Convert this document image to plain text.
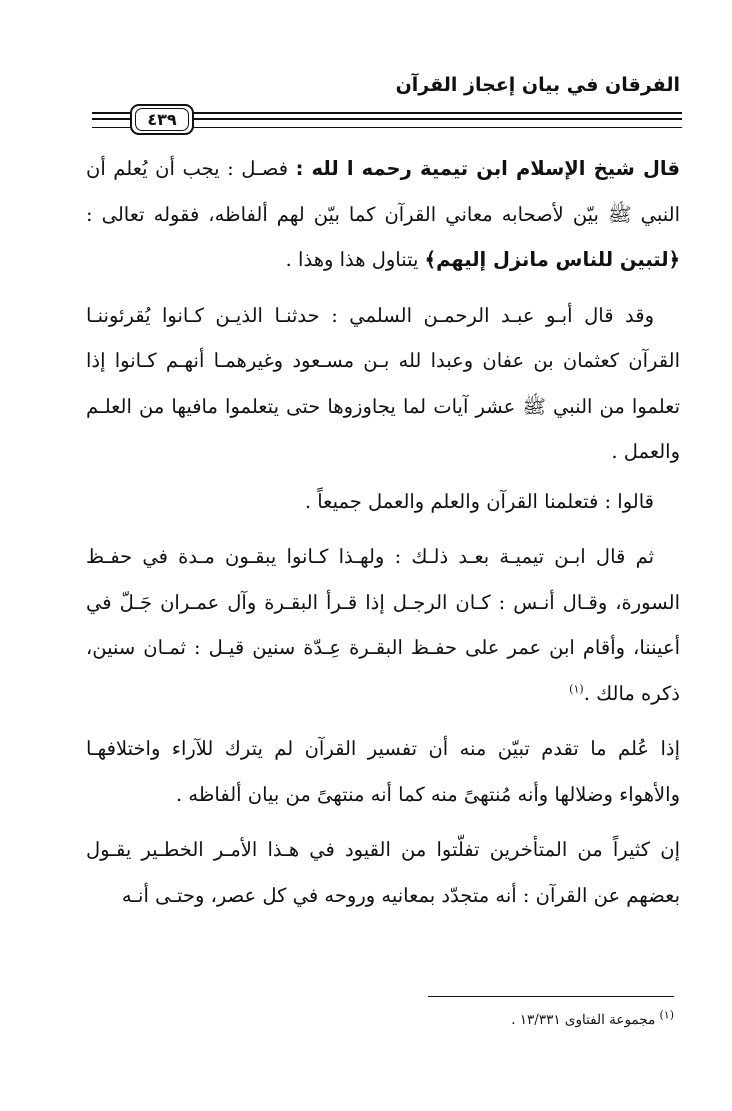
الفرقان في بيان إعجاز القرآن
٤٣٩

قال شيخ الإسلام ابن تيمية رحمه ا لله : فصـل : يجب أن يُعلم أن النبي ﷺ بيّن لأصحابه معاني القرآن كما بيّن لهم ألفاظه، فقوله تعالى : ﴿لتبين للناس مانزل إليهم﴾ يتناول هذا وهذا .

وقد قال أبـو عبـد الرحمـن السلمي : حدثنـا الذيـن كـانوا يُقرئوننـا القرآن كعثمان بن عفان وعبدا لله بـن مسـعود وغيرهمـا أنهـم كـانوا إذا تعلموا من النبي ﷺ عشر آيات لما يجاوزوها حتى يتعلموا مافيها من العلـم والعمل .

قالوا : فتعلمنا القرآن والعلم والعمل جميعاً .

ثم قال ابـن تيميـة بعـد ذلـك : ولهـذا كـانوا يبقـون مـدة في حفـظ السورة، وقـال أنـس : كـان الرجـل إذا قـرأ البقـرة وآل عمـران جَـلّ في أعيننا، وأقام ابن عمر على حفـظ البقـرة عِـدّة سنين قيـل : ثمـان سنين، ذكره مالك .$^{(١)}$

إذا عُلم ما تقدم تبيّن منه أن تفسير القرآن لم يترك للآراء واختلافهـا والأهواء وضلالها وأنه مُنتهىً منه كما أنه منتهىً من بيان ألفاظه .

إن كثيراً من المتأخرين تفلّتوا من القيود في هـذا الأمـر الخطـير يقـول بعضهم عن القرآن : أنه متجدّد بمعانيه وروحه في كل عصر، وحتـى أنـه

$^{(١)}$ مجموعة الفتاوى ١٣/٣٣١ .
